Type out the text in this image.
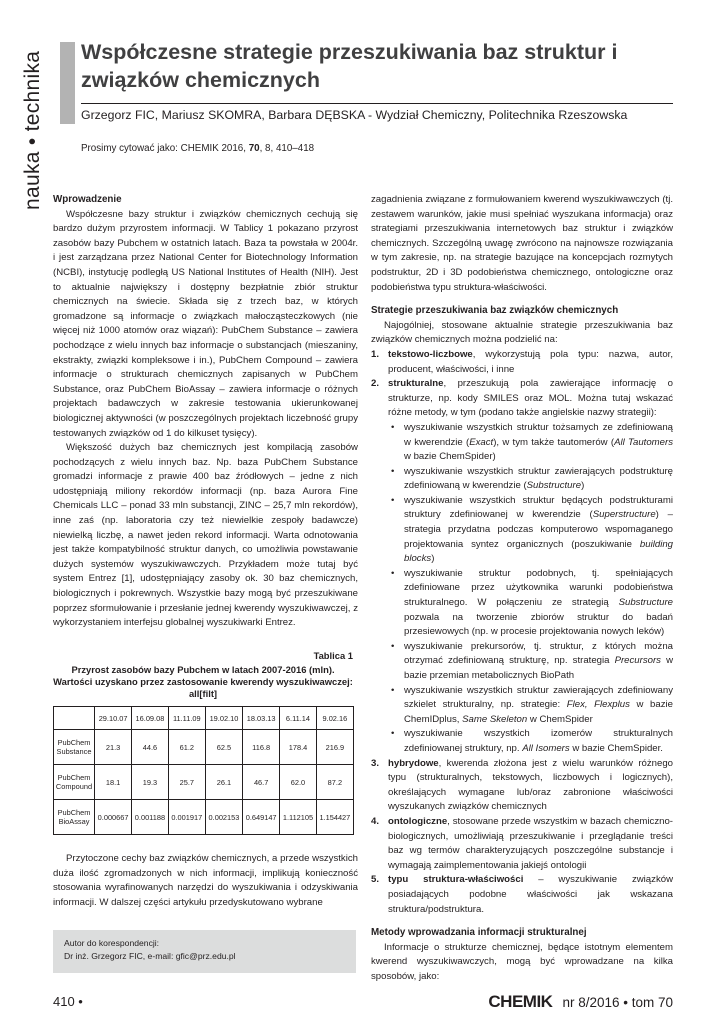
nauka • technika Współczesne strategie przeszukiwania baz struktur i związków chemicznych
Grzegorz FIC, Mariusz SKOMRA, Barbara DĘBSKA - Wydział Chemiczny, Politechnika Rzeszowska
Prosimy cytować jako: CHEMIK 2016, 70, 8, 410–418
Wprowadzenie

Współczesne bazy struktur i związków chemicznych cechują się bardzo dużym przyrostem informacji. W Tablicy 1 pokazano przyrost zasobów bazy Pubchem w ostatnich latach. Baza ta powstała w 2004r. i jest zarządzana przez National Center for Biotechnology Information (NCBI), instytucję podległą US National Institutes of Health (NIH). Jest to aktualnie największy i dostępny bezpłatnie zbiór struktur chemicznych na świecie. Składa się z trzech baz, w których gromadzone są informacje o związkach małocząsteczkowych (nie więcej niż 1000 atomów oraz wiązań): PubChem Substance – zawiera pochodzące z wielu innych baz informacje o substancjach (mieszaniny, ekstrakty, związki kompleksowe i in.), PubChem Compound – zawiera informacje o strukturach chemicznych zapisanych w PubChem Substance, oraz PubChem BioAssay – zawiera informacje o różnych projektach badawczych w zakresie testowania ukierunkowanej biologicznej aktywności (w poszczególnych projektach liczebność grupy testowanych związków od 1 do kilkuset tysięcy).

Większość dużych baz chemicznych jest kompilacją zasobów pochodzących z wielu innych baz. Np. baza PubChem Substance gromadzi informacje z prawie 400 baz źródłowych – jedne z nich udostępniają miliony rekordów informacji (np. baza Aurora Fine Chemicals LLC – ponad 33 mln substancji, ZINC – 25,7 mln rekordów), inne zaś (np. laboratoria czy też niewielkie zespoły badawcze) niewielką liczbę, a nawet jeden rekord informacji. Warta odnotowania jest także kompatybilność struktur danych, co umożliwia powstawanie dużych systemów wyszukiwawczych. Przykładem może tutaj być system Entrez [1], udostępniający zasoby ok. 30 baz chemicznych, biologicznych i pokrewnych. Wszystkie bazy mogą być przeszukiwane poprzez sformułowanie i przesłanie jednej kwerendy wyszukiwawczej, z wykorzystaniem interfejsu globalnej wyszukiwarki Entrez.

Tablica 1
Przyrost zasobów bazy Pubchem w latach 2007-2016 (mln). Wartości uzyskano przez zastosowanie kwerendy wyszukiwawczej: all[filt]
	29.10.07	16.09.08	11.11.09	19.02.10	18.03.13	6.11.14	9.02.16
PubChem Substance	21.3	44.6	61.2	62.5	116.8	178.4	216.9
PubChem Compound	18.1	19.3	25.7	26.1	46.7	62.0	87.2
PubChem BioAssay	0.000667	0.001188	0.001917	0.002153	0.649147	1.112105	1.154427

Przytoczone cechy baz związków chemicznych, a przede wszystkich duża ilość zgromadzonych w nich informacji, implikują konieczność stosowania wyrafinowanych narzędzi do wyszukiwania i odzyskiwania informacji. W dalszej części artykułu przedyskutowano wybrane

Autor do korespondencji:
Dr inż. Grzegorz FIC, e-mail: gfic@prz.edu.pl

zagadnienia związane z formułowaniem kwerend wyszukiwawczych (tj. zestawem warunków, jakie musi spełniać wyszukana informacja) oraz strategiami przeszukiwania internetowych baz struktur i związków chemicznych. Szczególną uwagę zwrócono na najnowsze rozwiązania w tym zakresie, np. na strategie bazujące na koncepcjach rozmytych podstruktur, 2D i 3D podobieństwa chemicznego, ontologiczne oraz podobieństwa typu struktura-właściwości.

Strategie przeszukiwania baz związków chemicznych

Najogólniej, stosowane aktualnie strategie przeszukiwania baz związków chemicznych można podzielić na:

1. tekstowo-liczbowe, wykorzystują pola typu: nazwa, autor, producent, właściwości, i inne
2. strukturalne, przeszukują pola zawierające informację o strukturze, np. kody SMILES oraz MOL. Można tutaj wskazać różne metody, w tym (podano także angielskie nazwy strategii):
• wyszukiwanie wszystkich struktur tożsamych ze zdefiniowaną w kwerendzie (Exact), w tym także tautomerów (All Tautomers w bazie ChemSpider)
• wyszukiwanie wszystkich struktur zawierających podstrukturę zdefiniowaną w kwerendzie (Substructure)
• wyszukiwanie wszystkich struktur będących podstrukturami struktury zdefiniowanej w kwerendzie (Superstructure) – strategia przydatna podczas komputerowo wspomaganego projektowania syntez organicznych (poszukiwanie building blocks)
• wyszukiwanie struktur podobnych, tj. spełniających zdefiniowane przez użytkownika warunki podobieństwa strukturalnego. W połączeniu ze strategią Substructure pozwala na tworzenie zbiorów struktur do badań przesiewowych (np. w procesie projektowania nowych leków)
• wyszukiwanie prekursorów, tj. struktur, z których można otrzymać zdefiniowaną strukturę, np. strategia Precursors w bazie przemian metabolicznych BioPath
• wyszukiwanie wszystkich struktur zawierających zdefiniowany szkielet strukturalny, np. strategie: Flex, Flexplus w bazie ChemIDplus, Same Skeleton w ChemSpider
• wyszukiwanie wszystkich izomerów strukturalnych zdefiniowanej struktury, np. All Isomers w bazie ChemSpider.
3. hybrydowe, kwerenda złożona jest z wielu warunków różnego typu (strukturalnych, tekstowych, liczbowych i logicznych), określających wymagane lub/oraz zabronione właściwości wyszukanych związków chemicznych
4. ontologiczne, stosowane przede wszystkim w bazach chemiczno-biologicznych, umożliwiają przeszukiwanie i przeglądanie treści baz wg termów charakteryzujących poszczególne substancje i wymagają zaimplementowania jakiejś ontologii
5. typu struktura-właściwości – wyszukiwanie związków posiadających podobne właściwości jak wskazana struktura/podstruktura.
Metody wprowadzania informacji strukturalnej

Informacje o strukturze chemicznej, będące istotnym elementem kwerend wyszukiwawczych, mogą być wprowadzane na kilka sposobów, jako:

410 •	CHEMIK nr 8/2016 • tom 70
